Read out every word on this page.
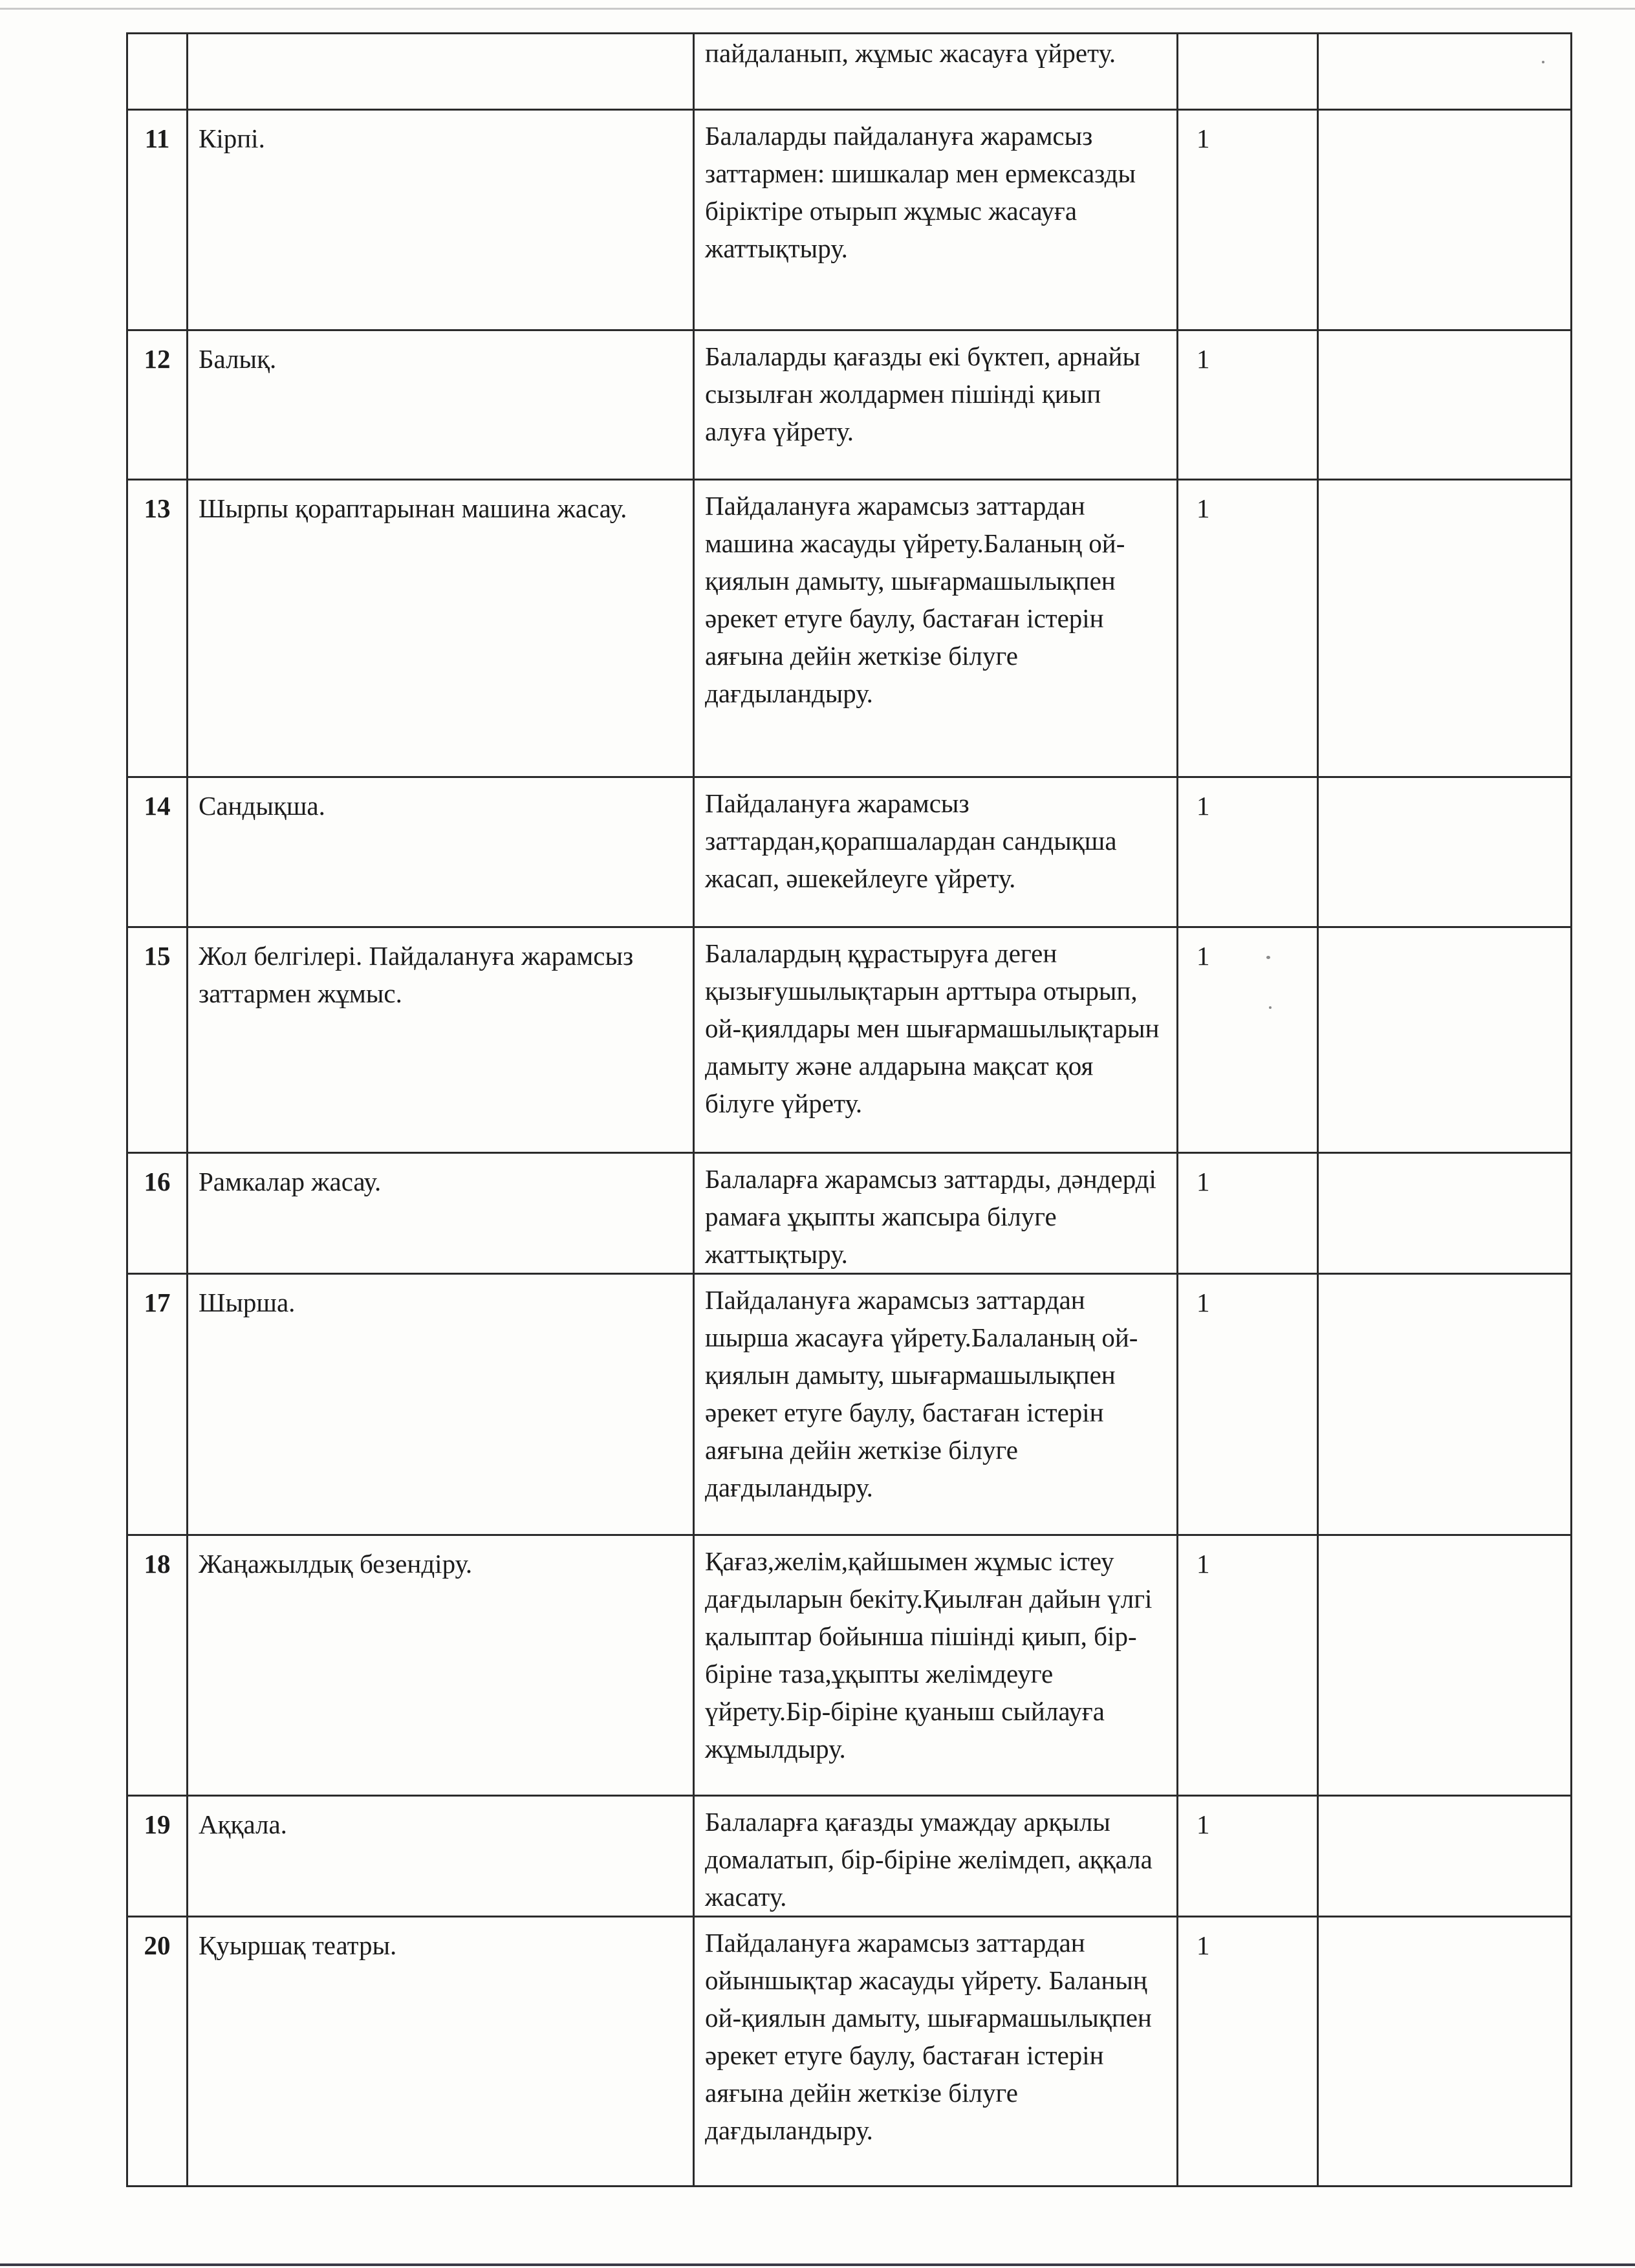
		пайдаланып, жұмыс жасауға үйрету.		
11	Кірпі.	Балаларды пайдалануға жарамсыз заттармен: шишкалар мен ермексазды біріктіре отырып жұмыс жасауға жаттықтыру.	1	
12	Балық.	Балаларды қағазды екі бүктеп, арнайы сызылған жолдармен пішінді қиып алуға үйрету.	1	
13	Шырпы қораптарынан машина жасау.	Пайдалануға жарамсыз заттардан машина жасауды үйрету.Баланың ой-қиялын дамыту, шығармашылықпен әрекет етуге баулу, бастаған істерін аяғына дейін жеткізе білуге дағдыландыру.	1	
14	Сандықша.	Пайдалануға жарамсыз заттардан,қорапшалардан сандықша жасап, әшекейлеуге үйрету.	1	
15	Жол белгілері. Пайдалануға жарамсыз заттармен жұмыс.	Балалардың құрастыруға деген қызығушылықтарын арттыра отырып, ой-қиялдары мен шығармашылықтарын дамыту және алдарына мақсат қоя білуге үйрету.	1	
16	Рамкалар жасау.	Балаларға жарамсыз заттарды, дәндерді рамаға ұқыпты жапсыра білуге жаттықтыру.	1	
17	Шырша.	Пайдалануға жарамсыз заттардан шырша жасауға үйрету.Балаланың ой-қиялын дамыту, шығармашылықпен әрекет етуге баулу, бастаған істерін аяғына дейін жеткізе білуге дағдыландыру.	1	
18	Жаңажылдық безендіру.	Қағаз,желім,қайшымен жұмыс істеу дағдыларын бекіту.Қиылған дайын үлгі қалыптар бойынша пішінді қиып, бір-біріне таза,ұқыпты желімдеуге үйрету.Бір-біріне қуаныш сыйлауға жұмылдыру.	1	
19	Аққала.	Балаларға қағазды умаждау арқылы домалатып, бір-біріне желімдеп, аққала жасату.	1	
20	Қуыршақ театры.	Пайдалануға жарамсыз заттардан ойыншықтар жасауды үйрету. Баланың ой-қиялын дамыту, шығармашылықпен әрекет етуге баулу, бастаған істерін аяғына дейін жеткізе білуге дағдыландыру.	1	
